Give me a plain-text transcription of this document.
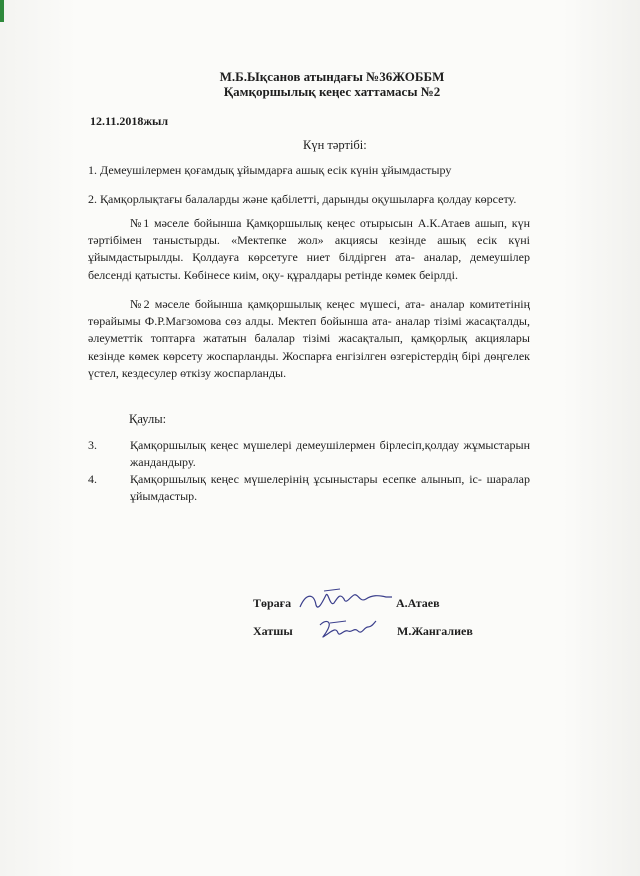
М.Б.Ықсанов атындағы №36ЖОББМ
Қамқоршылық кеңес хаттамасы №2
12.11.2018жыл
Күн тәртібі:
1. Демеушілермен қоғамдық ұйымдарға ашық есік күнін ұйымдастыру
2. Қамқорлықтағы балаларды және қабілетті, дарынды оқушыларға қолдау көрсету.
№1 мәселе бойынша Қамқоршылық кеңес отырысын А.К.Атаев ашып, күн тәртібімен таныстырды. «Мектепке жол» акциясы кезінде ашық есік күні ұйымдастырылды. Қолдауға көрсетуге ниет білдірген ата- аналар, демеушілер белсенді қатысты. Көбінесе киім, оқу- құралдары ретінде көмек беірлді.
№2 мәселе бойынша қамқоршылық кеңес мүшесі, ата- аналар комитетінің төрайымы Ф.Р.Магзомова сөз алды. Мектеп бойынша ата- аналар тізімі жасақталды, әлеуметтік топтарға жататын балалар тізімі жасақталып, қамқорлық акциялары кезінде көмек көрсету жоспарланды. Жоспарға енгізілген өзгерістердің бірі дөңгелек үстел, кездесулер өткізу жоспарланды.
Қаулы:
3.	Қамқоршылық кеңес мүшелері демеушілермен бірлесіп,қолдау жұмыстарын жандандыру.
4.	Қамқоршылық кеңес мүшелерінің ұсыныстары есепке алынып, іс- шаралар ұйымдастыр.
Төраға	А.Атаев
Хатшы	М.Жангалиев
